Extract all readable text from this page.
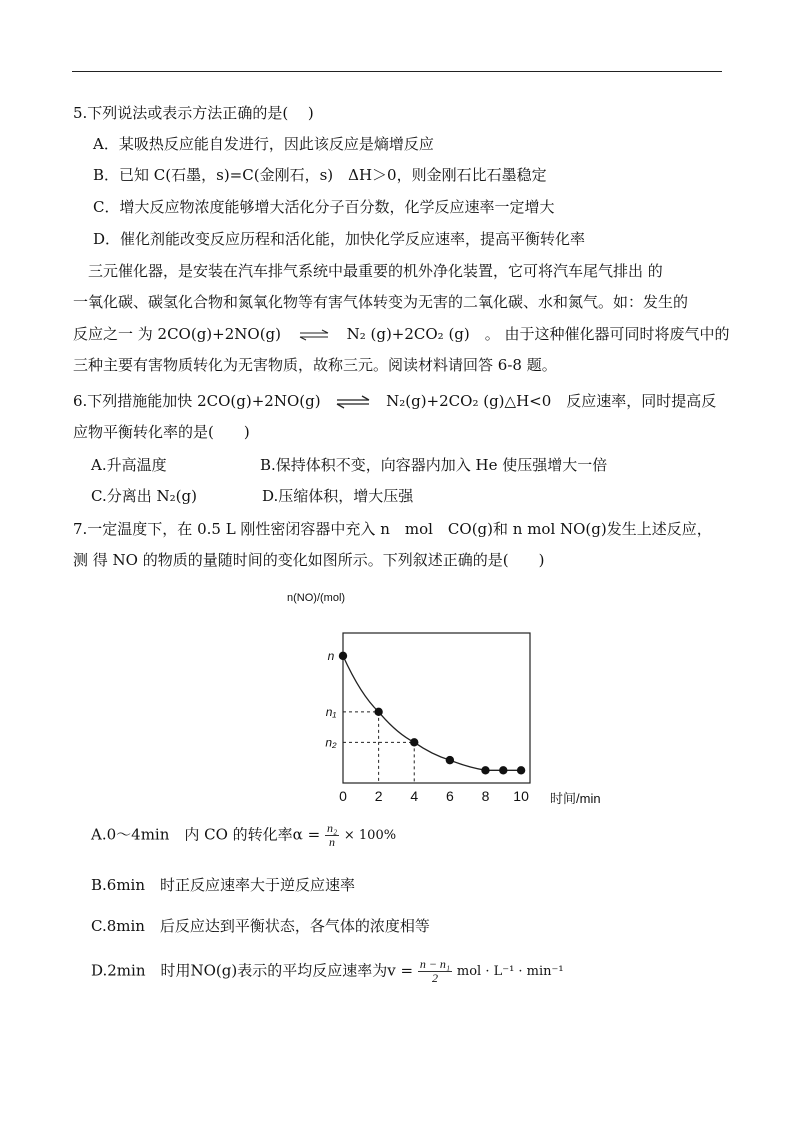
5.下列说法或表示方法正确的是(　 )
A．某吸热反应能自发进行，因此该反应是熵增反应
B．已知 C(石墨，s)=C(金刚石，s)　ΔH＞0，则金刚石比石墨稳定
C．增大反应物浓度能够增大活化分子百分数，化学反应速率一定增大
D．催化剂能改变反应历程和活化能，加快化学反应速率，提高平衡转化率
　三元催化器，是安装在汽车排气系统中最重要的机外净化装置，它可将汽车尾气排出 的
一氧化碳、碳氢化合物和氮氧化物等有害气体转变为无害的二氧化碳、水和氮气。如：发生的
反应之一 为 2CO(g)+2NO(g) ⇌ N₂ (g)+2CO₂ (g)　。 由于这种催化器可同时将废气中的
三种主要有害物质转化为无害物质，故称三元。阅读材料请回答 6-8 题。
6.下列措施能加快 2CO(g)+2NO(g) ⇌ N₂(g)+2CO₂ (g)△H<0　反应速率，同时提高反
应物平衡转化率的是(　　)
A.升高温度	B.保持体积不变，向容器内加入 He 使压强增大一倍
C.分离出 N₂(g)	D.压缩体积，增大压强
7.一定温度下，在 0.5 L 刚性密闭容器中充入 n　mol　CO(g)和 n mol NO(g)发生上述反应，
测 得 NO 的物质的量随时间的变化如图所示。下列叙述正确的是(　　)
n(NO)/(mol)
时间/min
0 2 4 6 8 10
n
n₁
n₂
A.0～4min　内 CO 的转化率$\alpha = \frac{\text{n₂}}{n} \times 100\%$
B.6min　时正反应速率大于逆反应速率
C.8min　后反应达到平衡状态，各气体的浓度相等
D.2min　时用NO(g)表示的平均反应速率为$v = \frac{\text{n − n₁}}{2}$ mol · L⁻¹ · min⁻¹
